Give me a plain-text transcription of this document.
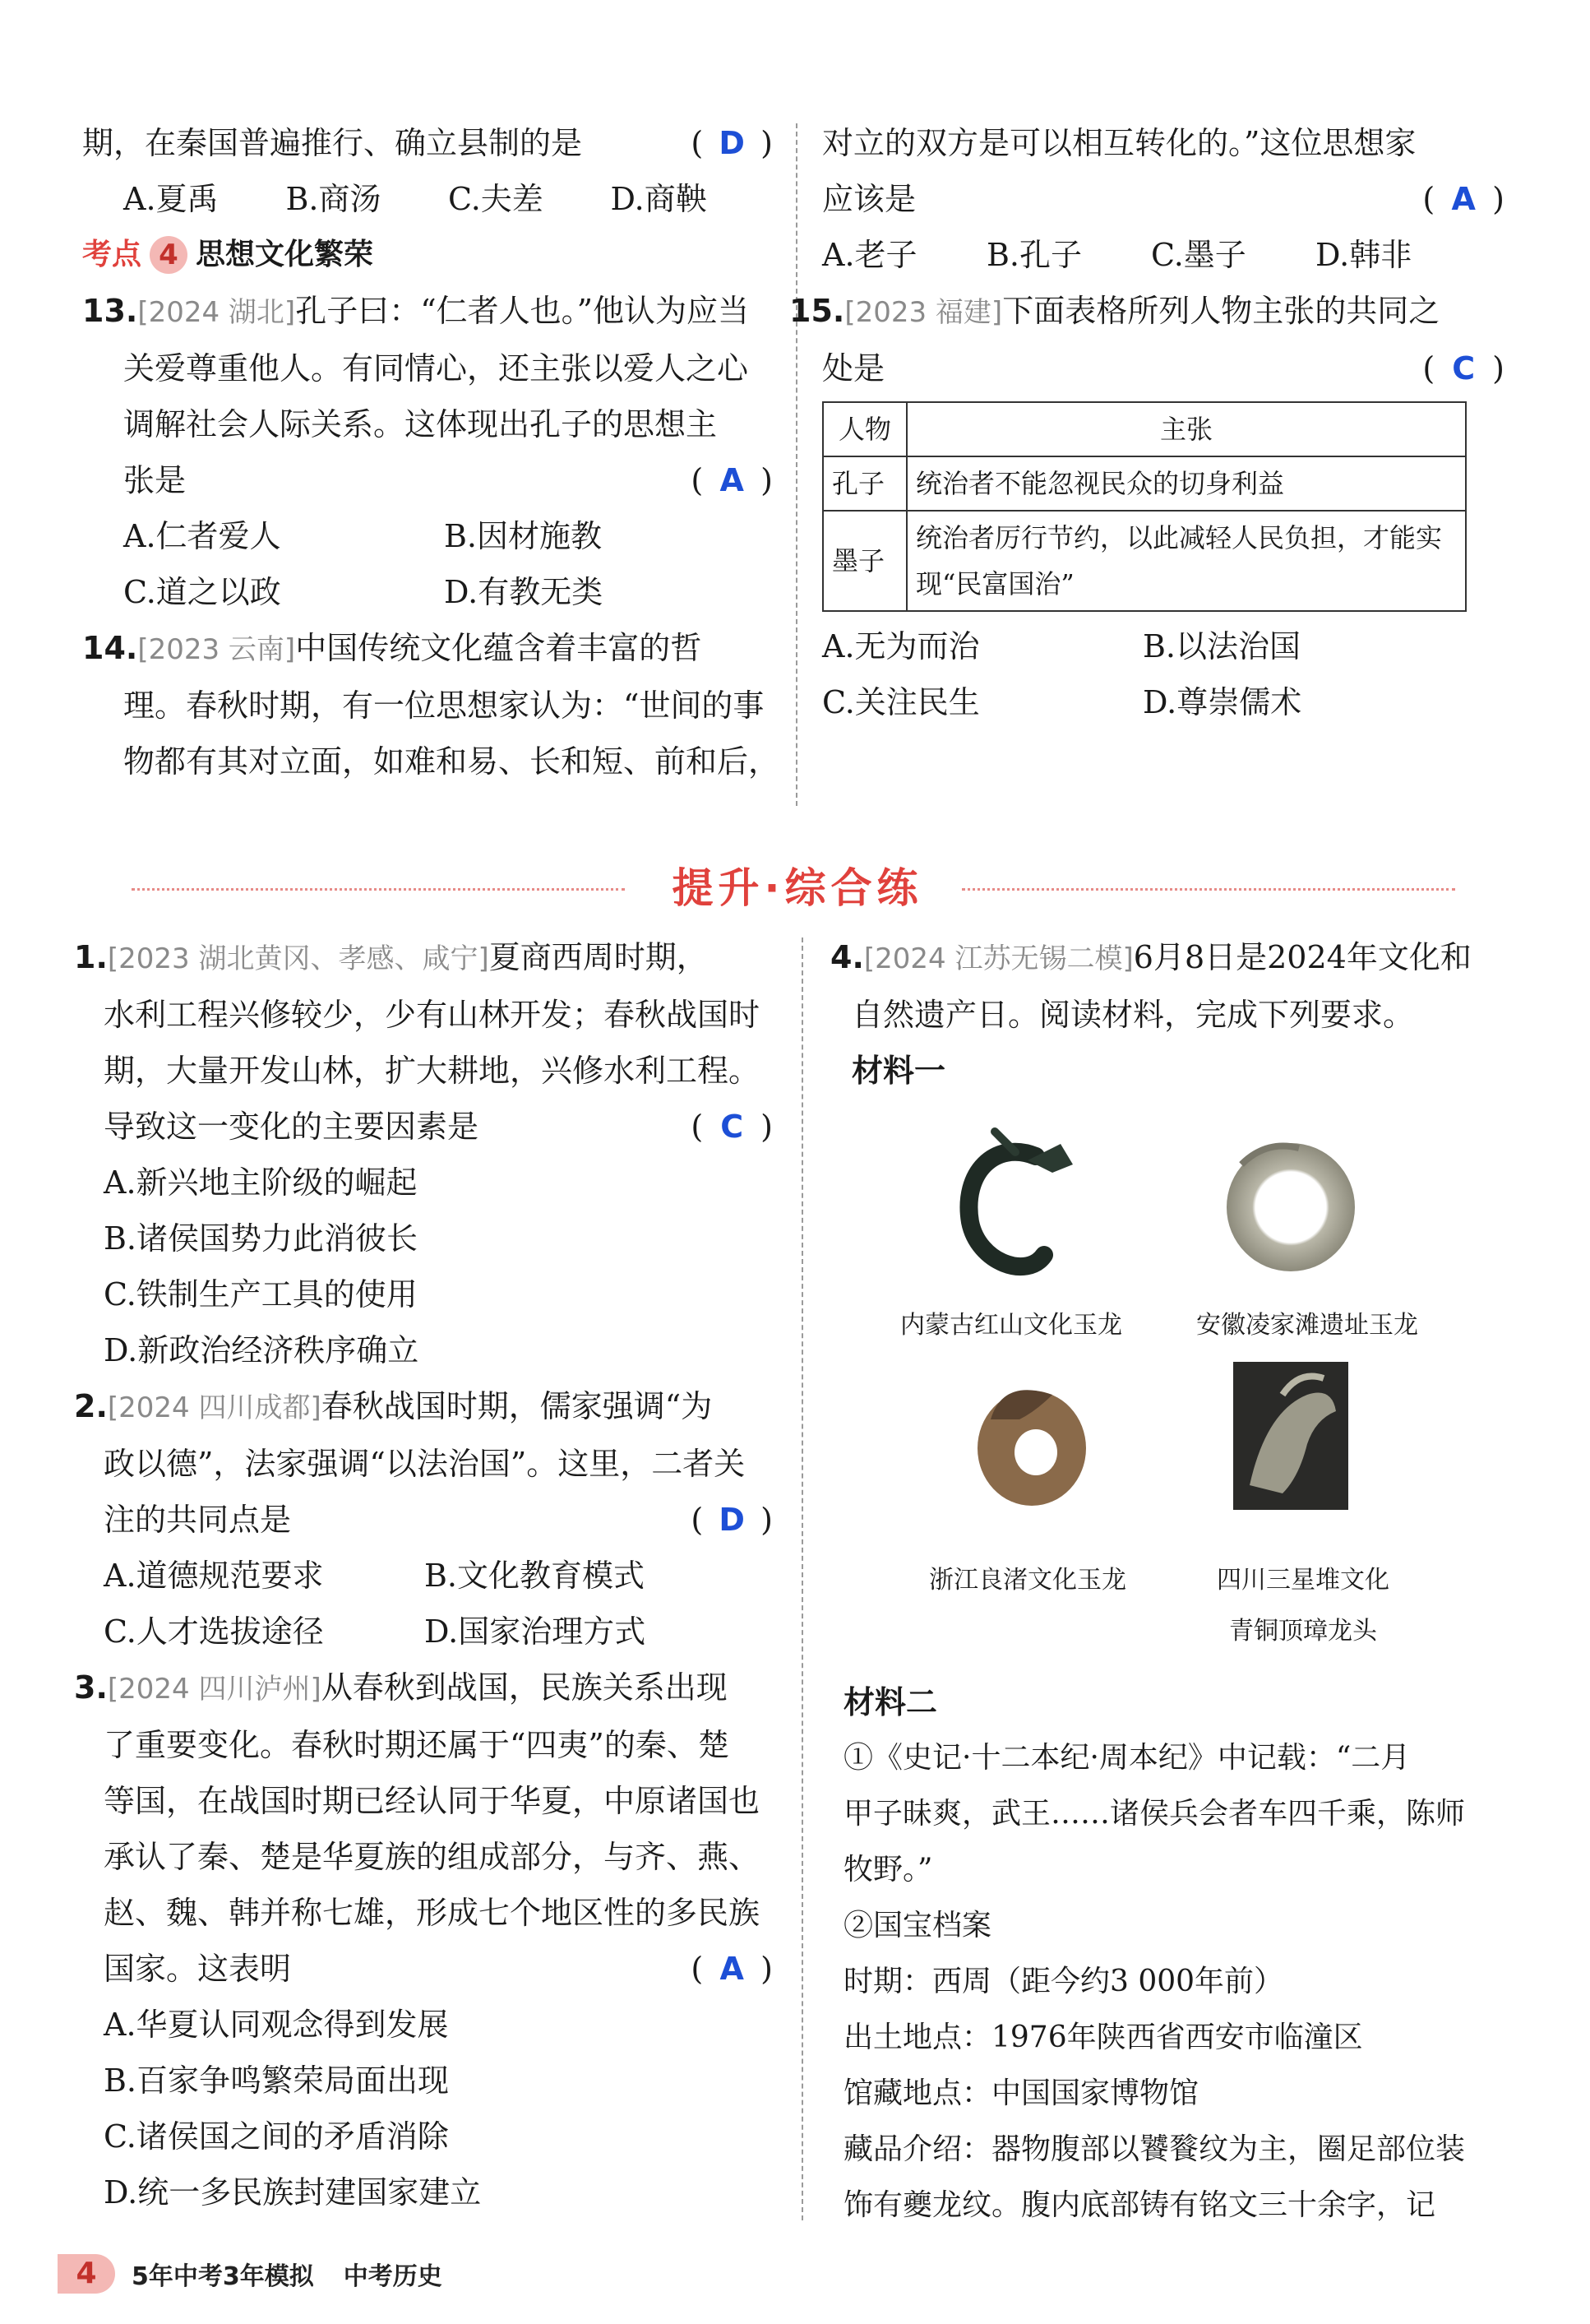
期，在秦国普遍推行、确立县制的是	( D )
A.夏禹	B.商汤	C.夫差	D.商鞅
考点 4 思想文化繁荣
13.[2024 湖北]孔子曰：“仁者人也。”他认为应当
关爱尊重他人。有同情心，还主张以爱人之心
调解社会人际关系。这体现出孔子的思想主
张是	( A )
A.仁者爱人	B.因材施教
C.道之以政	D.有教无类
14.[2023 云南]中国传统文化蕴含着丰富的哲
理。春秋时期，有一位思想家认为：“世间的事
物都有其对立面，如难和易、长和短、前和后，
对立的双方是可以相互转化的。”这位思想家
应该是	( A )
A.老子	B.孔子	C.墨子	D.韩非
15.[2023 福建]下面表格所列人物主张的共同之
处是	( C )
人物	主张
孔子	统治者不能忽视民众的切身利益
墨子	统治者厉行节约，以此减轻人民负担，才能实现“民富国治”
A.无为而治	B.以法治国
C.关注民生	D.尊崇儒术
提升·综合练
1.[2023 湖北黄冈、孝感、咸宁]夏商西周时期，
水利工程兴修较少，少有山林开发；春秋战国时
期，大量开发山林，扩大耕地，兴修水利工程。
导致这一变化的主要因素是	( C )
A.新兴地主阶级的崛起
B.诸侯国势力此消彼长
C.铁制生产工具的使用
D.新政治经济秩序确立
2.[2024 四川成都]春秋战国时期，儒家强调“为
政以德”，法家强调“以法治国”。这里，二者关
注的共同点是	( D )
A.道德规范要求	B.文化教育模式
C.人才选拔途径	D.国家治理方式
3.[2024 四川泸州]从春秋到战国，民族关系出现
了重要变化。春秋时期还属于“四夷”的秦、楚
等国，在战国时期已经认同于华夏，中原诸国也
承认了秦、楚是华夏族的组成部分，与齐、燕、
赵、魏、韩并称七雄，形成七个地区性的多民族
国家。这表明	( A )
A.华夏认同观念得到发展
B.百家争鸣繁荣局面出现
C.诸侯国之间的矛盾消除
D.统一多民族封建国家建立
4.[2024 江苏无锡二模]6月8日是2024年文化和
自然遗产日。阅读材料，完成下列要求。
材料一
内蒙古红山文化玉龙	安徽凌家滩遗址玉龙
浙江良渚文化玉龙	四川三星堆文化
青铜顶璋龙头
材料二
①《史记·十二本纪·周本纪》中记载：“二月
甲子昧爽，武王……诸侯兵会者车四千乘，陈师
牧野。”
②国宝档案
时期：西周（距今约3 000年前）
出土地点：1976年陕西省西安市临潼区
馆藏地点：中国国家博物馆
藏品介绍：器物腹部以饕餮纹为主，圈足部位装
饰有夔龙纹。腹内底部铸有铭文三十余字，记
4	5年中考3年模拟 中考历史
